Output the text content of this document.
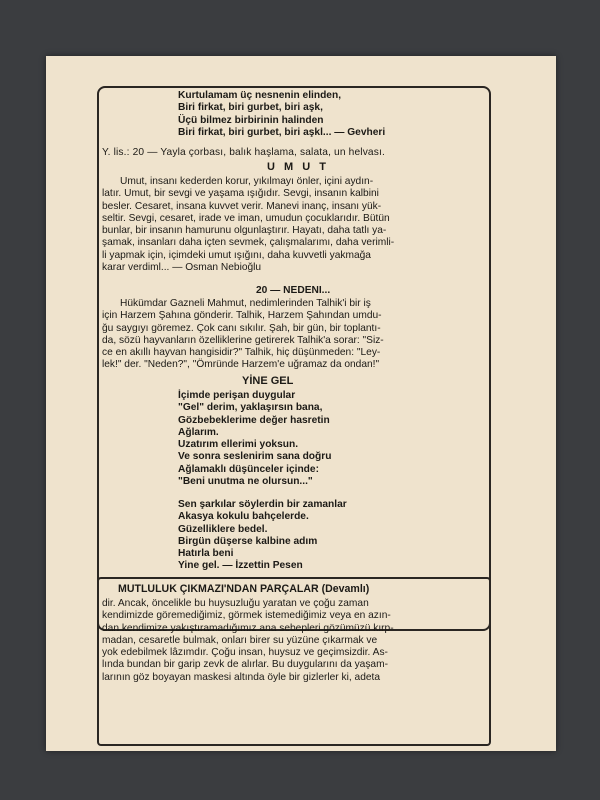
Kurtulamam üç nesnenin elinden,
Biri firkat, biri gurbet, biri aşk,
Üçü bilmez birbirinin halinden
Biri firkat, biri gurbet, biri aşkl... — Gevheri
Y. lis.: 20 — Yayla çorbası, balık haşlama, salata, un helvası.
U M U T
Umut, insanı kederden korur, yıkılmayı önler, içini aydın-
latır. Umut, bir sevgi ve yaşama ışığıdır. Sevgi, insanın kalbini
besler. Cesaret, insana kuvvet verir. Manevi inanç, insanı yük-
seltir. Sevgi, cesaret, irade ve iman, umudun çocuklarıdır. Bütün
bunlar, bir insanın hamurunu olgunlaştırır. Hayatı, daha tatlı ya-
şamak, insanları daha içten sevmek, çalışmalarımı, daha verimli-
li yapmak için, içimdeki umut ışığını, daha kuvvetli yakmağa
karar verdiml... — Osman Nebioğlu
20 — NEDENI...
Hükümdar Gazneli Mahmut, nedimlerinden Talhik'i bir iş
için Harzem Şahına gönderir. Talhik, Harzem Şahından umdu-
ğu saygıyı göremez. Çok canı sıkılır. Şah, bir gün, bir toplantı-
da, sözü hayvanların özelliklerine getirerek Talhik'a sorar: "Siz-
ce en akıllı hayvan hangisidir?" Talhik, hiç düşünmeden: "Ley-
lek!" der. "Neden?", "Ömründe Harzem'e uğramaz da ondan!"
YİNE GEL
İçimde perişan duygular
"Gel" derim, yaklaşırsın bana,
Gözbebeklerime değer hasretin
Ağlarım.
Uzatırım ellerimi yoksun.
Ve sonra seslenirim sana doğru
Ağlamaklı düşünceler içinde:
"Beni unutma ne olursun..."
Sen şarkılar söylerdin bir zamanlar
Akasya kokulu bahçelerde.
Güzelliklere bedel.
Birgün düşerse kalbine adım
Hatırla beni
Yine gel. — İzzettin Pesen
MUTLULUK ÇIKMAZI'NDAN PARÇALAR (Devamlı)
dir. Ancak, öncelikle bu huysuzluğu yaratan ve çoğu zaman
kendimizde göremediğimiz, görmek istemediğimiz veya en azın-
dan kendimize yakıştıramadığımız ana sebepleri gözümüzü kırp-
madan, cesaretle bulmak, onları birer su yüzüne çıkarmak ve
yok edebilmek lâzımdır. Çoğu insan, huysuz ve geçimsizdir. As-
lında bundan bir garip zevk de alırlar. Bu duygularını da yaşam-
larının göz boyayan maskesi altında öyle bir gizlerler ki, adeta
